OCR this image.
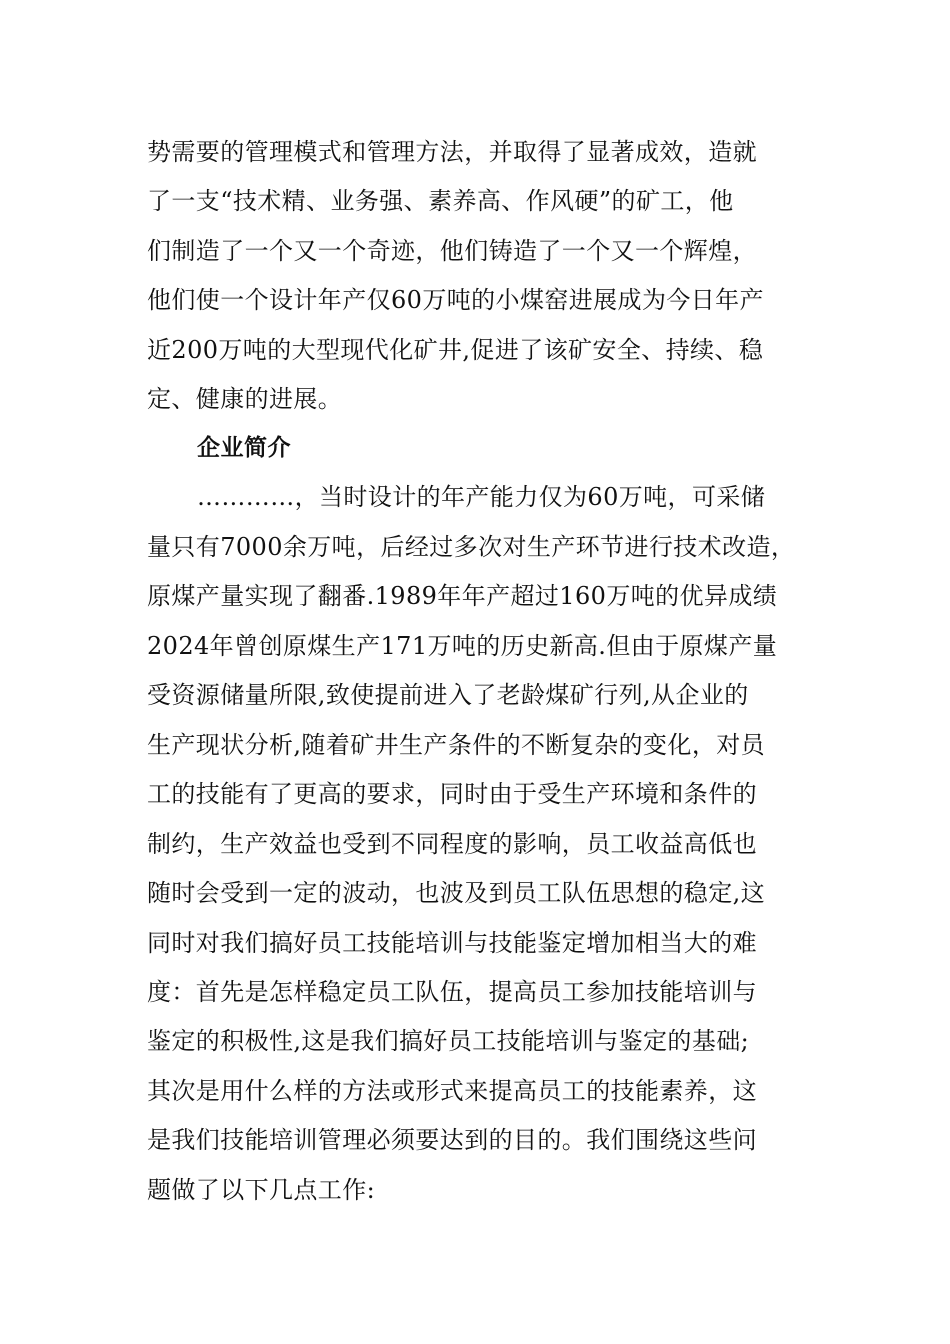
势需要的管理模式和管理方法，并取得了显著成效，造就
了一支“技术精、业务强、素养高、作风硬”的矿工，他
们制造了一个又一个奇迹，他们铸造了一个又一个辉煌，
他们使一个设计年产仅60万吨的小煤窑进展成为今日年产
近200万吨的大型现代化矿井,促进了该矿安全、持续、稳
定、健康的进展。
企业简介
…………，当时设计的年产能力仅为60万吨，可采储
量只有7000余万吨，后经过多次对生产环节进行技术改造，
原煤产量实现了翻番.1989年年产超过160万吨的优异成绩
2024年曾创原煤生产171万吨的历史新高.但由于原煤产量
受资源储量所限,致使提前进入了老龄煤矿行列,从企业的
生产现状分析,随着矿井生产条件的不断复杂的变化，对员
工的技能有了更高的要求，同时由于受生产环境和条件的
制约，生产效益也受到不同程度的影响，员工收益高低也
随时会受到一定的波动，也波及到员工队伍思想的稳定,这
同时对我们搞好员工技能培训与技能鉴定增加相当大的难
度：首先是怎样稳定员工队伍，提高员工参加技能培训与
鉴定的积极性,这是我们搞好员工技能培训与鉴定的基础;
其次是用什么样的方法或形式来提高员工的技能素养，这
是我们技能培训管理必须要达到的目的。我们围绕这些问
题做了以下几点工作:
